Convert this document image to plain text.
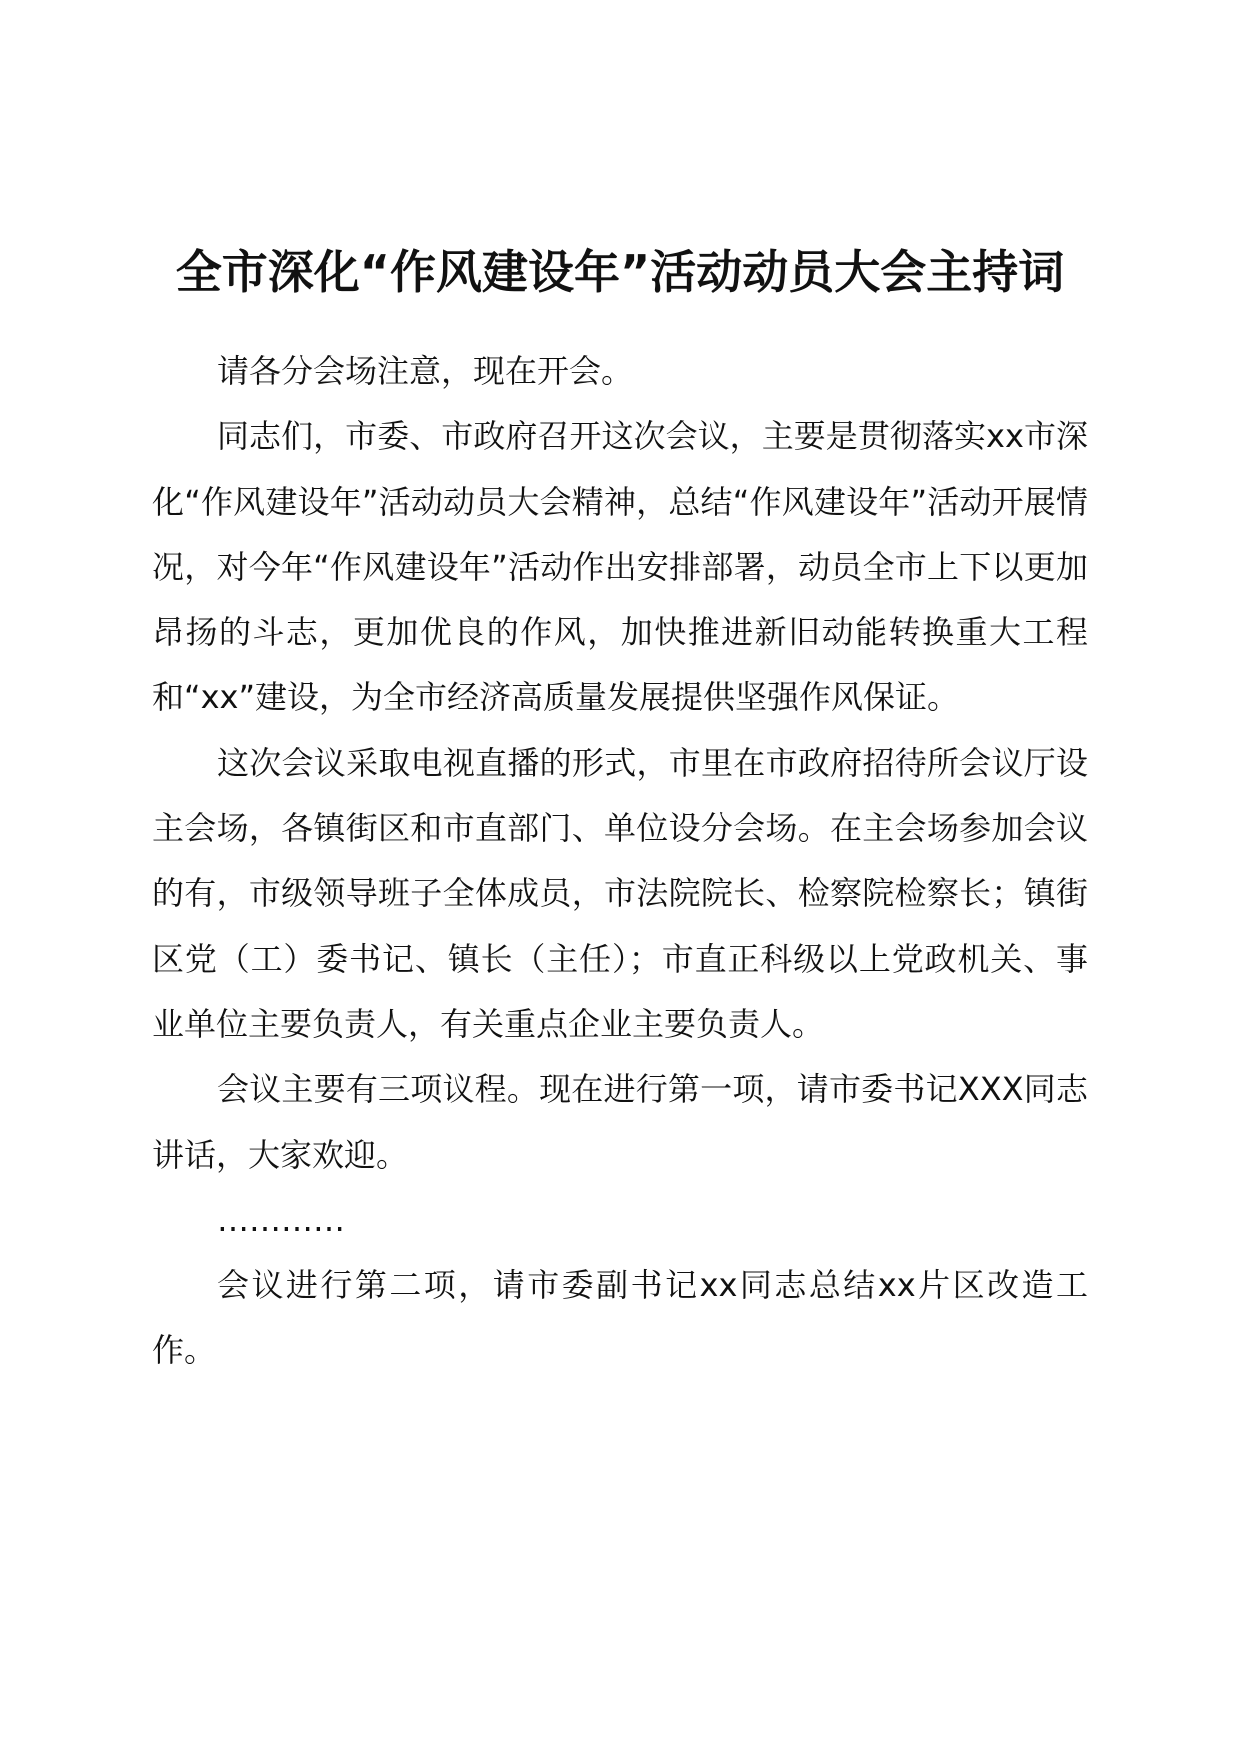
全市深化“作风建设年”活动动员大会主持词

请各分会场注意，现在开会。

同志们，市委、市政府召开这次会议，主要是贯彻落实xx市深化“作风建设年”活动动员大会精神，总结“作风建设年”活动开展情况，对今年“作风建设年”活动作出安排部署，动员全市上下以更加昂扬的斗志，更加优良的作风，加快推进新旧动能转换重大工程和“xx”建设，为全市经济高质量发展提供坚强作风保证。

这次会议采取电视直播的形式，市里在市政府招待所会议厅设主会场，各镇街区和市直部门、单位设分会场。在主会场参加会议的有，市级领导班子全体成员，市法院院长、检察院检察长；镇街区党（工）委书记、镇长（主任）；市直正科级以上党政机关、事业单位主要负责人，有关重点企业主要负责人。

会议主要有三项议程。现在进行第一项，请市委书记XXX同志讲话，大家欢迎。

…………

会议进行第二项，请市委副书记xx同志总结xx片区改造工作。
